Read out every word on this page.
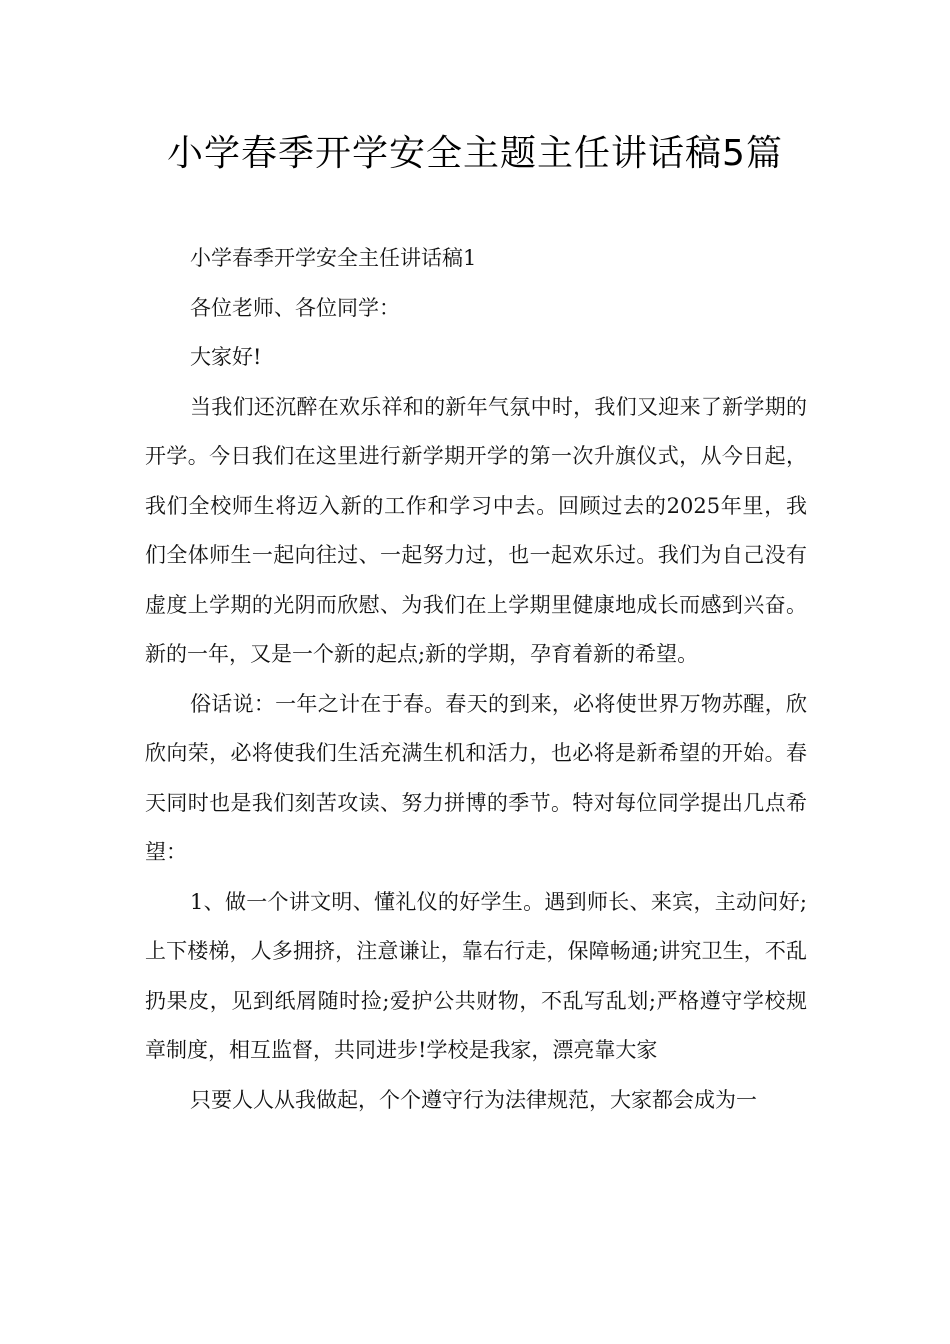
小学春季开学安全主题主任讲话稿5篇

小学春季开学安全主任讲话稿1

各位老师、各位同学：

大家好!

当我们还沉醉在欢乐祥和的新年气氛中时，我们又迎来了新学期的开学。今日我们在这里进行新学期开学的第一次升旗仪式，从今日起，我们全校师生将迈入新的工作和学习中去。回顾过去的2025年里，我们全体师生一起向往过、一起努力过，也一起欢乐过。我们为自己没有虚度上学期的光阴而欣慰、为我们在上学期里健康地成长而感到兴奋。新的一年，又是一个新的起点;新的学期，孕育着新的希望。

俗话说：一年之计在于春。春天的到来，必将使世界万物苏醒，欣欣向荣，必将使我们生活充满生机和活力，也必将是新希望的开始。春天同时也是我们刻苦攻读、努力拼博的季节。特对每位同学提出几点希望：

1、做一个讲文明、懂礼仪的好学生。遇到师长、来宾，主动问好;上下楼梯，人多拥挤，注意谦让，靠右行走，保障畅通;讲究卫生，不乱扔果皮，见到纸屑随时捡;爱护公共财物，不乱写乱划;严格遵守学校规章制度，相互监督，共同进步!学校是我家，漂亮靠大家

只要人人从我做起，个个遵守行为法律规范，大家都会成为一
